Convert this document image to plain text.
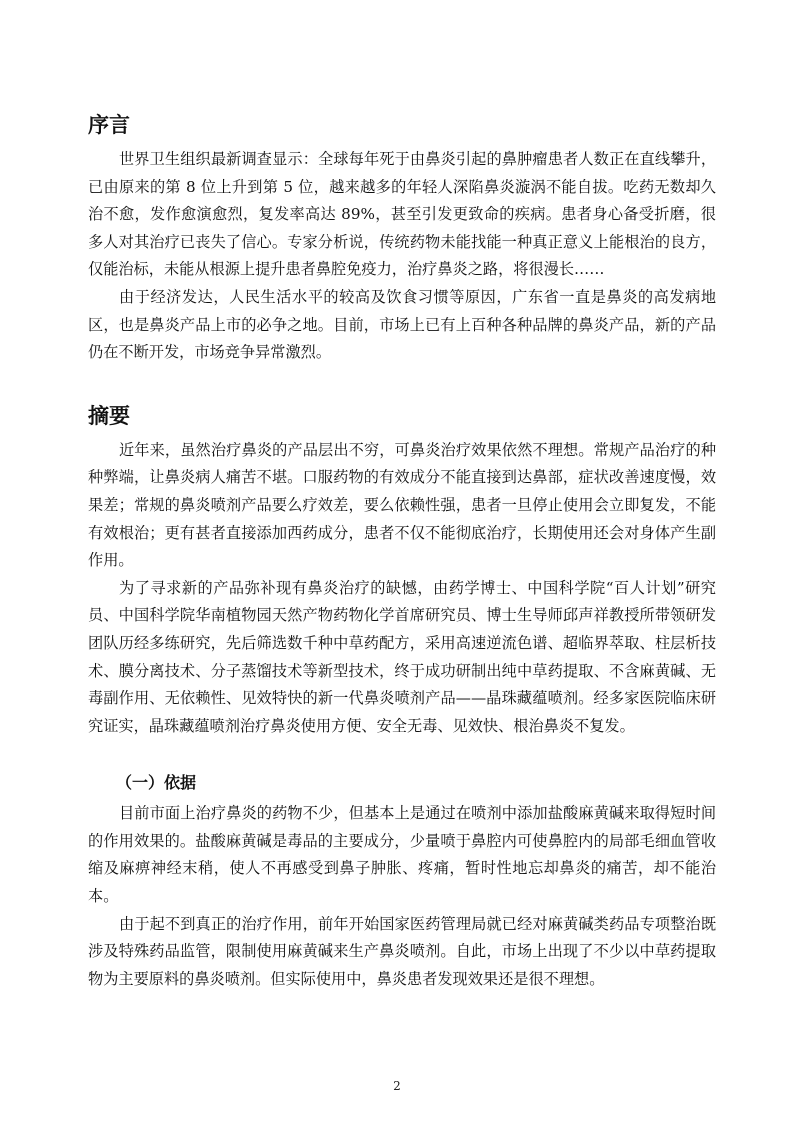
序言

世界卫生组织最新调查显示：全球每年死于由鼻炎引起的鼻肿瘤患者人数正在直线攀升，已由原来的第 8 位上升到第 5 位，越来越多的年轻人深陷鼻炎漩涡不能自拔。吃药无数却久治不愈，发作愈演愈烈，复发率高达 89%，甚至引发更致命的疾病。患者身心备受折磨，很多人对其治疗已丧失了信心。专家分析说，传统药物未能找能一种真正意义上能根治的良方，仅能治标，未能从根源上提升患者鼻腔免疫力，治疗鼻炎之路，将很漫长……

由于经济发达，人民生活水平的较高及饮食习惯等原因，广东省一直是鼻炎的高发病地区，也是鼻炎产品上市的必争之地。目前，市场上已有上百种各种品牌的鼻炎产品，新的产品仍在不断开发，市场竞争异常激烈。

摘要

近年来，虽然治疗鼻炎的产品层出不穷，可鼻炎治疗效果依然不理想。常规产品治疗的种种弊端，让鼻炎病人痛苦不堪。口服药物的有效成分不能直接到达鼻部，症状改善速度慢，效果差；常规的鼻炎喷剂产品要么疗效差，要么依赖性强，患者一旦停止使用会立即复发，不能有效根治；更有甚者直接添加西药成分，患者不仅不能彻底治疗，长期使用还会对身体产生副作用。

为了寻求新的产品弥补现有鼻炎治疗的缺憾，由药学博士、中国科学院“百人计划”研究员、中国科学院华南植物园天然产物药物化学首席研究员、博士生导师邱声祥教授所带领研发团队历经多练研究，先后筛选数千种中草药配方，采用高速逆流色谱、超临界萃取、柱层析技术、膜分离技术、分子蒸馏技术等新型技术，终于成功研制出纯中草药提取、不含麻黄碱、无毒副作用、无依赖性、见效特快的新一代鼻炎喷剂产品——晶珠藏蕴喷剂。经多家医院临床研究证实，晶珠藏蕴喷剂治疗鼻炎使用方便、安全无毒、见效快、根治鼻炎不复发。

（一）依据

目前市面上治疗鼻炎的药物不少，但基本上是通过在喷剂中添加盐酸麻黄碱来取得短时间的作用效果的。盐酸麻黄碱是毒品的主要成分，少量喷于鼻腔内可使鼻腔内的局部毛细血管收缩及麻痹神经末稍，使人不再感受到鼻子肿胀、疼痛，暂时性地忘却鼻炎的痛苦，却不能治本。

由于起不到真正的治疗作用，前年开始国家医药管理局就已经对麻黄碱类药品专项整治既涉及特殊药品监管，限制使用麻黄碱来生产鼻炎喷剂。自此，市场上出现了不少以中草药提取物为主要原料的鼻炎喷剂。但实际使用中，鼻炎患者发现效果还是很不理想。

2
